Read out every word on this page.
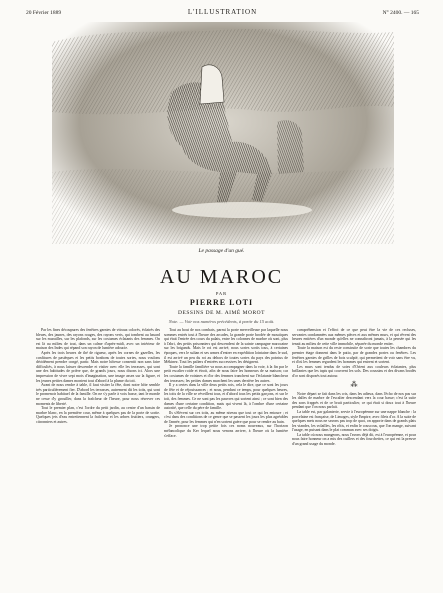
20 Février 1889	L'ILLUSTRATION	N° 2400. — 165
Le passage d'un gué.
AU MAROC
PAR
PIERRE LOTI
DESSINS DE M. AIMÉ MOROT
Note. — Voir nos numéros précédents, à partir du 15 août.

Par les fines découpures des fenêtres garnies de vitraux colorés, éclairés des bleues, des jaunes, des rayons rouges, des rayons verts, qui tombent au hasard sur les murailles, sur les plafonds, sur les costumes éclatants des femmes. On est là au milieu de tout, dans un calme d'après-midi, avec un intérieur de maison des Indes qui répand son rayon de lumière adoucie.

Après les trois heures de thé de rigueur, après les cornes de gazelles, les confitures de pastèques et les petits bonbons de toutes sortes, nous voulons décidément prendre congé, partir. Mais notre hôtesse consentit non sans faire difficultés, à nous laisser descendre et visiter avec elle les terrasses, qui sont une des habitudes de prière que, de grands jours, nous disons ici. Alors une impression de vivre sept mois d'imagination, une image assez sur la figure, et les jeunes petites dames montent tout d'abord à la plume du toit.

Avant de nous rendre à table, il faut visiter la fête, dont notre hôte semble très particulièrement fier. D'abord les terrasses, autrement dit les toits, qui sont le promenoir habituel de la famille. On ne s'y parle à voix basse, tant le monde ne cesse d'y grouiller, dans la fraîcheur de l'heure, pour nous réserver ces moments de liberté.

Tout le premier plan, c'est l'ordre du petit jardin, au centre d'un bassin de marbre blanc, en la première cour, même à quelques pas de la porte de sortie. Quelques jets d'eau entretiennent la fraîcheur et les arbres fruitiers, orangers, citronniers et autres.

Tout au bout de nos combats, parmi la porte merveilleuse par laquelle nous sommes entrés tout à l'heure des arcades, la grande porte brodée de mosaïques qui était l'entrée des cours du palais, entre les colonnes de marbre où sont, plus à l'abri, des petits prisonniers qui descendent de la sainte campagne marocaine sur les brigands. Mais le roi est arrivé, nous sortes sortis tous, à certaines époques, vers le sultan et ses armes d'entrer en expédition lointaine dans le sud, il est arrivé un peu du roi au dehors de toutes sortes du pays des pointus de Mékinez. Tout les paliers d'entrées successives les désignent.

Toute la famille familière va nous accompagner dans la voie, à la fin par le petit escalier roide et étroit, afin de nous faire les honneurs de sa maison; car les costumes de voisines et d'or des femmes tranchent sur l'éclatante blancheur des terrasses; les petites dames marchent les unes derrière les autres.

Il y a certes dans la ville deux petits rois, cela le dire, que ce sont les jours de fête et de réjouissances ; et nous, pendant ce temps, pour quelques heures, les toits de la ville se réveillent tous, et d'abord tous les petits garçons, et sur le toit, des femmes. Ce ne sont pas les pauvres qui sortent ainsi ; ce sont bien des dames d'une certaine condition, mais qui vivent là, à l'ombre d'une certaine autorité, que celle du père de famille.

Ils s'élèvent sur ces toits, au même niveau que tout ce qui les entoure ; et c'est dans des conditions de ce genre que se passent les jours les plus agréables de l'année, pour les femmes qui n'en sortent guère que pour se rendre au bain.

Je prononce une trop petite fois ces noms nouveaux, sur l'horizon mélancolique du Ker lequel nous venons arriver, à l'heure où la lumière s'efface.

compréhension et l'effroi de ce que peut être la vie de ces recluses, servantes condamnées aux mêmes pièces et aux mêmes murs, et qui rêvent des heures entières d'un monde qu'elles ne connaîtront jamais, à la pensée qui les tenait au milieu de cette ville immobile, séparée du monde entier.

Toute la maison est du reste construite de sorte que toutes les chambres du premier étage donnent dans le patio, par de grandes portes ou fenêtres. Les fenêtres garnies de grilles de bois sculpté, qui permettent de voir sans être vu, et d'où les femmes regardent les hommes qui entrent et sortent.

Les murs sont tendus de soies d'Orient aux couleurs éclatantes, plus brillantes que les tapis qui couvrent les sols. Des coussins et des divans brodés d'or sont disposés tout autour.

⁂

Notre départ se fait dans les cris, dans les adieux, dans l'écho de nos pas sur les dalles de marbre de l'escalier descendant vers la cour basse; c'est la suite des sons frappés et de ce bruit particulier, ce qui était si doux tout à l'heure pendant que l'on nous parlait.

La table est, par galanterie, servie à l'européenne sur une nappe blanche : la porcelaine est française, de Limoges, style Empire, avec filets d'or. A la suite de quelques mets nous ne savons pas trop de quoi, on apporte dans de grands plats les viandes, les volailles, les rôtis, et enfin le couscous, que l'on mange, suivant l'usage, en puisant dans le plat commun avec ses doigts.

La table où nous mangeons, nous l'avons déjà dit, est à l'européenne, et pour nous faire honneur on a mis des cuillers et des fourchettes, ce qui est la preuve d'un grand usage du monde.
